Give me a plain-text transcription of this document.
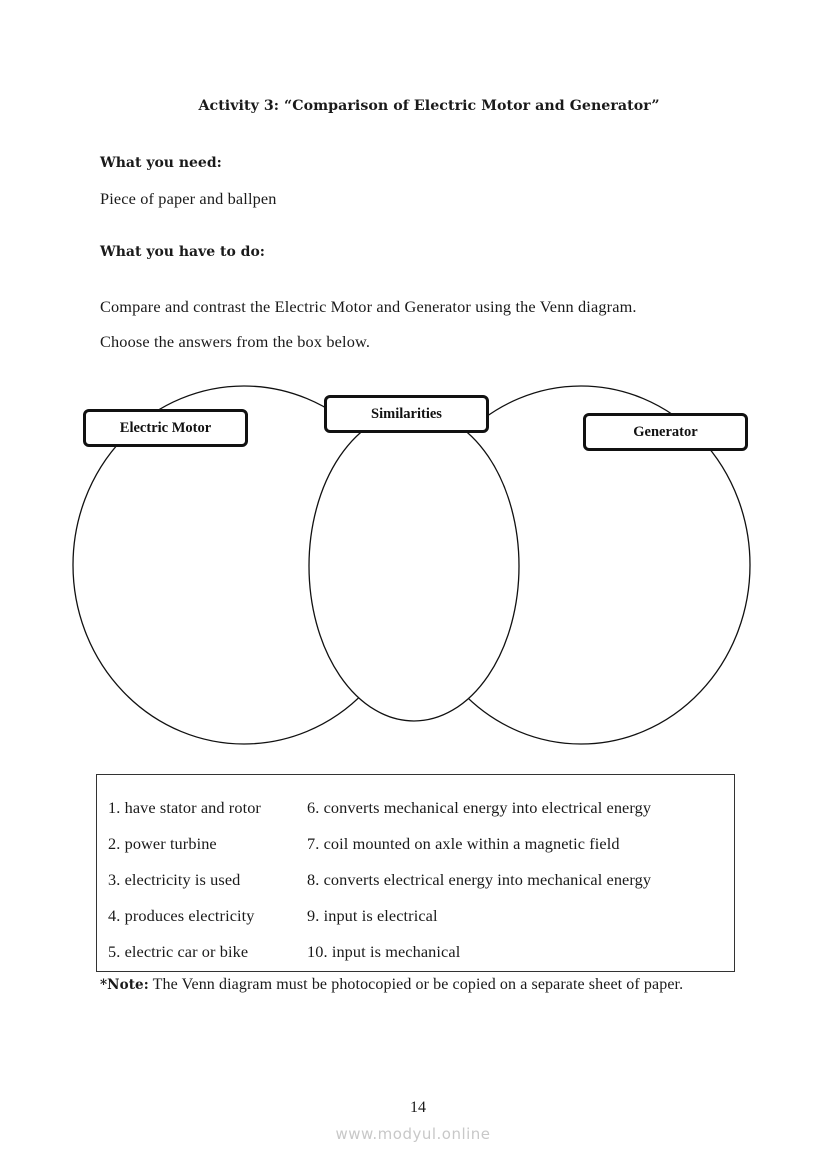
Activity 3: “Comparison of Electric Motor and Generator”
What you need:
Piece of paper and ballpen
What you have to do:
Compare and contrast the Electric Motor and Generator using the Venn diagram.
Choose the answers from the box below.
Electric Motor
Similarities
Generator
1. have stator and rotor
2. power turbine
3. electricity is used
4. produces electricity
5. electric car or bike
6. converts mechanical energy into electrical energy
7. coil mounted on axle within a magnetic field
8. converts electrical energy into mechanical energy
9. input is electrical
10. input is mechanical
*Note: The Venn diagram must be photocopied or be copied on a separate sheet of paper.
14
www.modyul.online
